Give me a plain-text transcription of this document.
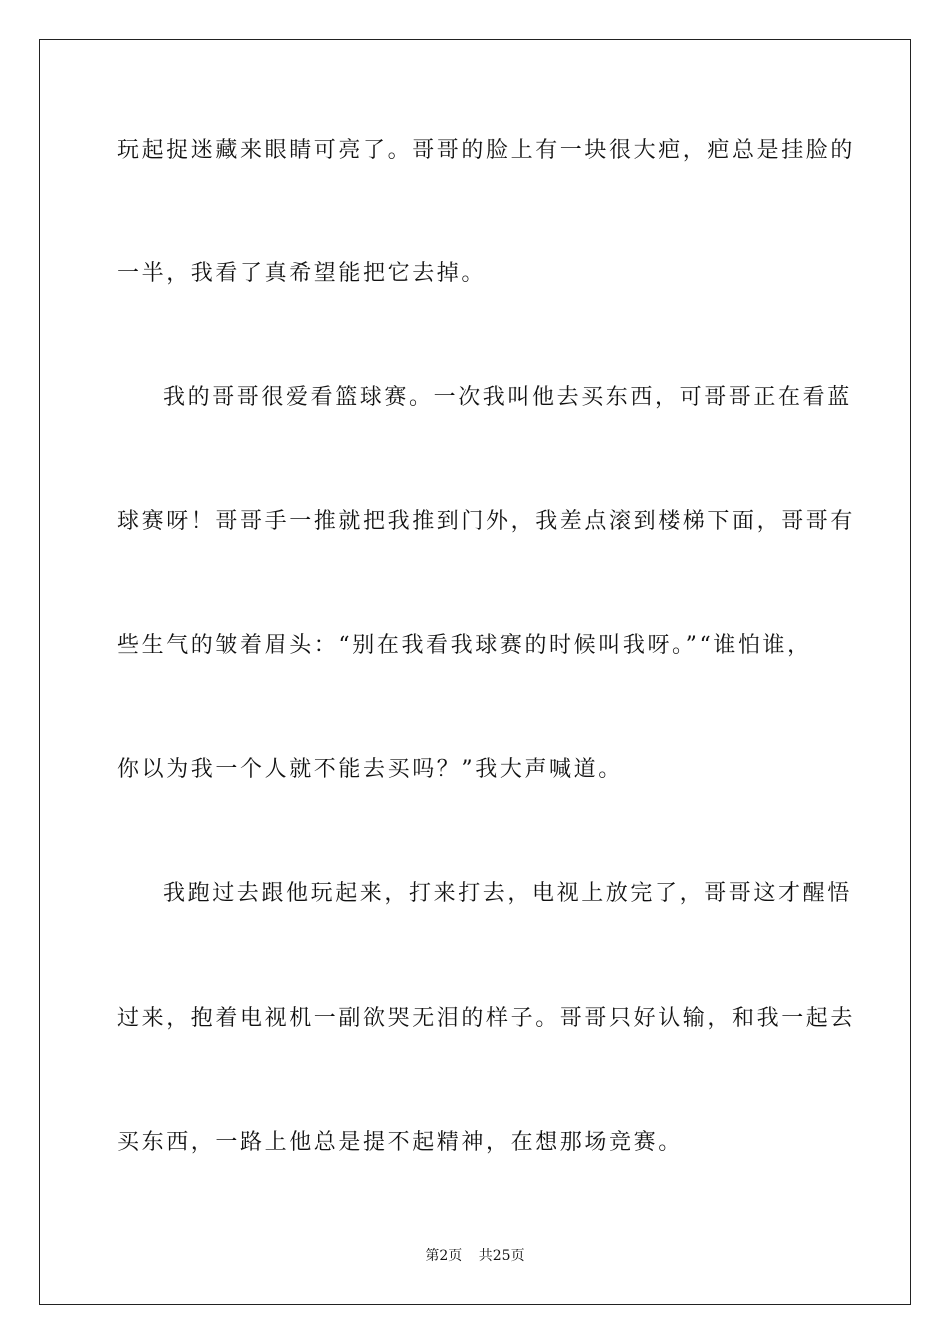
玩起捉迷藏来眼睛可亮了。哥哥的脸上有一块很大疤，疤总是挂脸的
一半，我看了真希望能把它去掉。
我的哥哥很爱看篮球赛。一次我叫他去买东西，可哥哥正在看蓝
球赛呀！哥哥手一推就把我推到门外，我差点滚到楼梯下面，哥哥有
些生气的皱着眉头：“别在我看我球赛的时候叫我呀。”“谁怕谁，
你以为我一个人就不能去买吗？”我大声喊道。
我跑过去跟他玩起来，打来打去，电视上放完了，哥哥这才醒悟
过来，抱着电视机一副欲哭无泪的样子。哥哥只好认输，和我一起去
买东西，一路上他总是提不起精神，在想那场竞赛。
第2页 共25页
